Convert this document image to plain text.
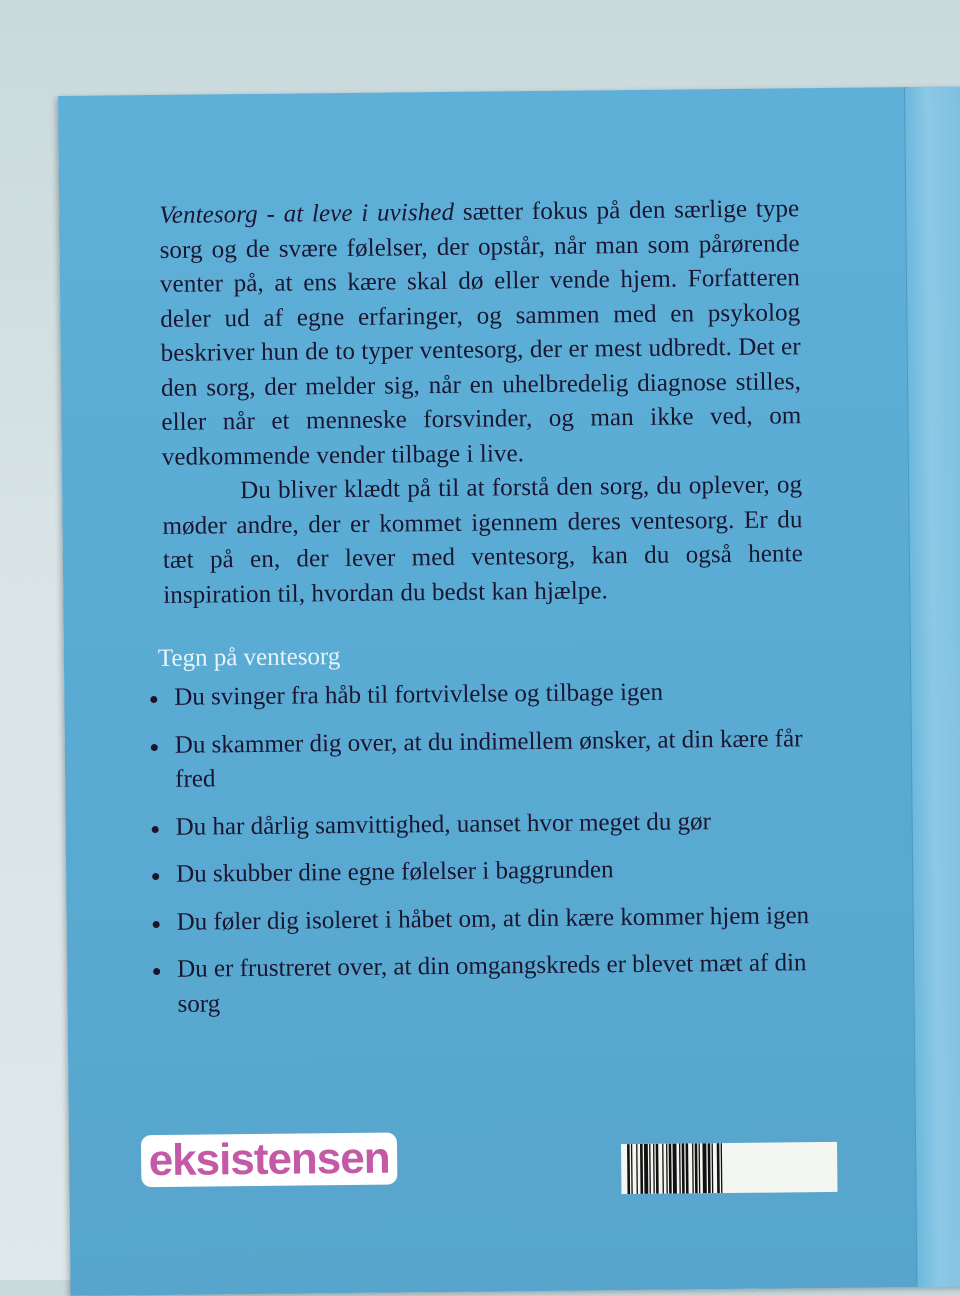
Ventesorg - at leve i uvished sætter fokus på den særlige type sorg og de svære følelser, der opstår, når man som pårørende venter på, at ens kære skal dø eller vende hjem. Forfatteren deler ud af egne erfaringer, og sammen med en psykolog beskriver hun de to typer ventesorg, der er mest udbredt. Det er den sorg, der melder sig, når en uhelbredelig diagnose stilles, eller når et menneske forsvinder, og man ikke ved, om vedkommende vender tilbage i live.

Du bliver klædt på til at forstå den sorg, du oplever, og møder andre, der er kommet igennem deres ventesorg. Er du tæt på en, der lever med ventesorg, kan du også hente inspiration til, hvordan du bedst kan hjælpe.

Tegn på ventesorg
Du svinger fra håb til fortvivlelse og tilbage igen
Du skammer dig over, at du indimellem ønsker, at din kære får fred
Du har dårlig samvittighed, uanset hvor meget du gør
Du skubber dine egne følelser i baggrunden
Du føler dig isoleret i håbet om, at din kære kommer hjem igen
Du er frustreret over, at din omgangskreds er blevet mæt af din sorg
eksistensen
